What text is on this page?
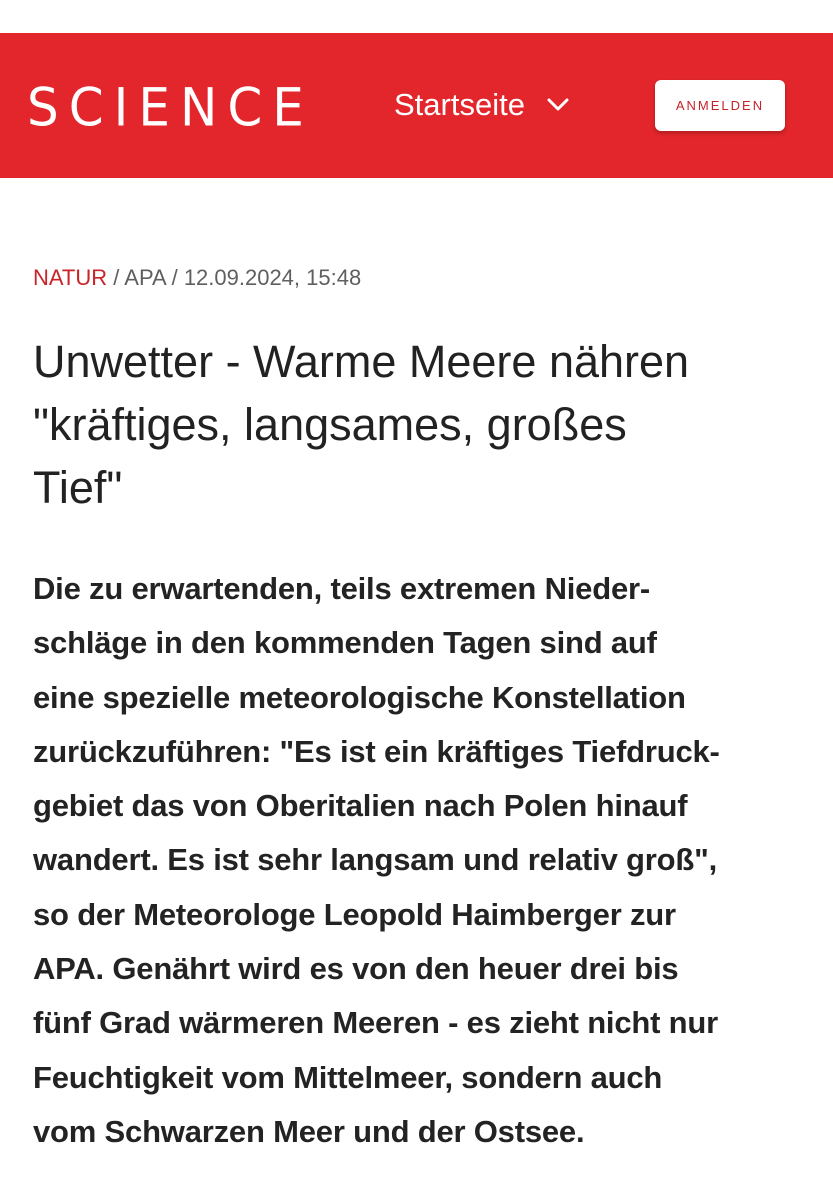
SCIENCE	Startseite	ANMELDEN
NATUR / APA / 12.09.2024, 15:48
Unwetter - Warme Meere nähren
"kräftiges, langsames, großes
Tief"
Die zu erwartenden, teils extremen Nieder-
schläge in den kommenden Tagen sind auf
eine spezielle meteorologische Konstellation
zurückzuführen: "Es ist ein kräftiges Tiefdruck-
gebiet das von Oberitalien nach Polen hinauf
wandert. Es ist sehr langsam und relativ groß",
so der Meteorologe Leopold Haimberger zur
APA. Genährt wird es von den heuer drei bis
fünf Grad wärmeren Meeren - es zieht nicht nur
Feuchtigkeit vom Mittelmeer, sondern auch
vom Schwarzen Meer und der Ostsee.
